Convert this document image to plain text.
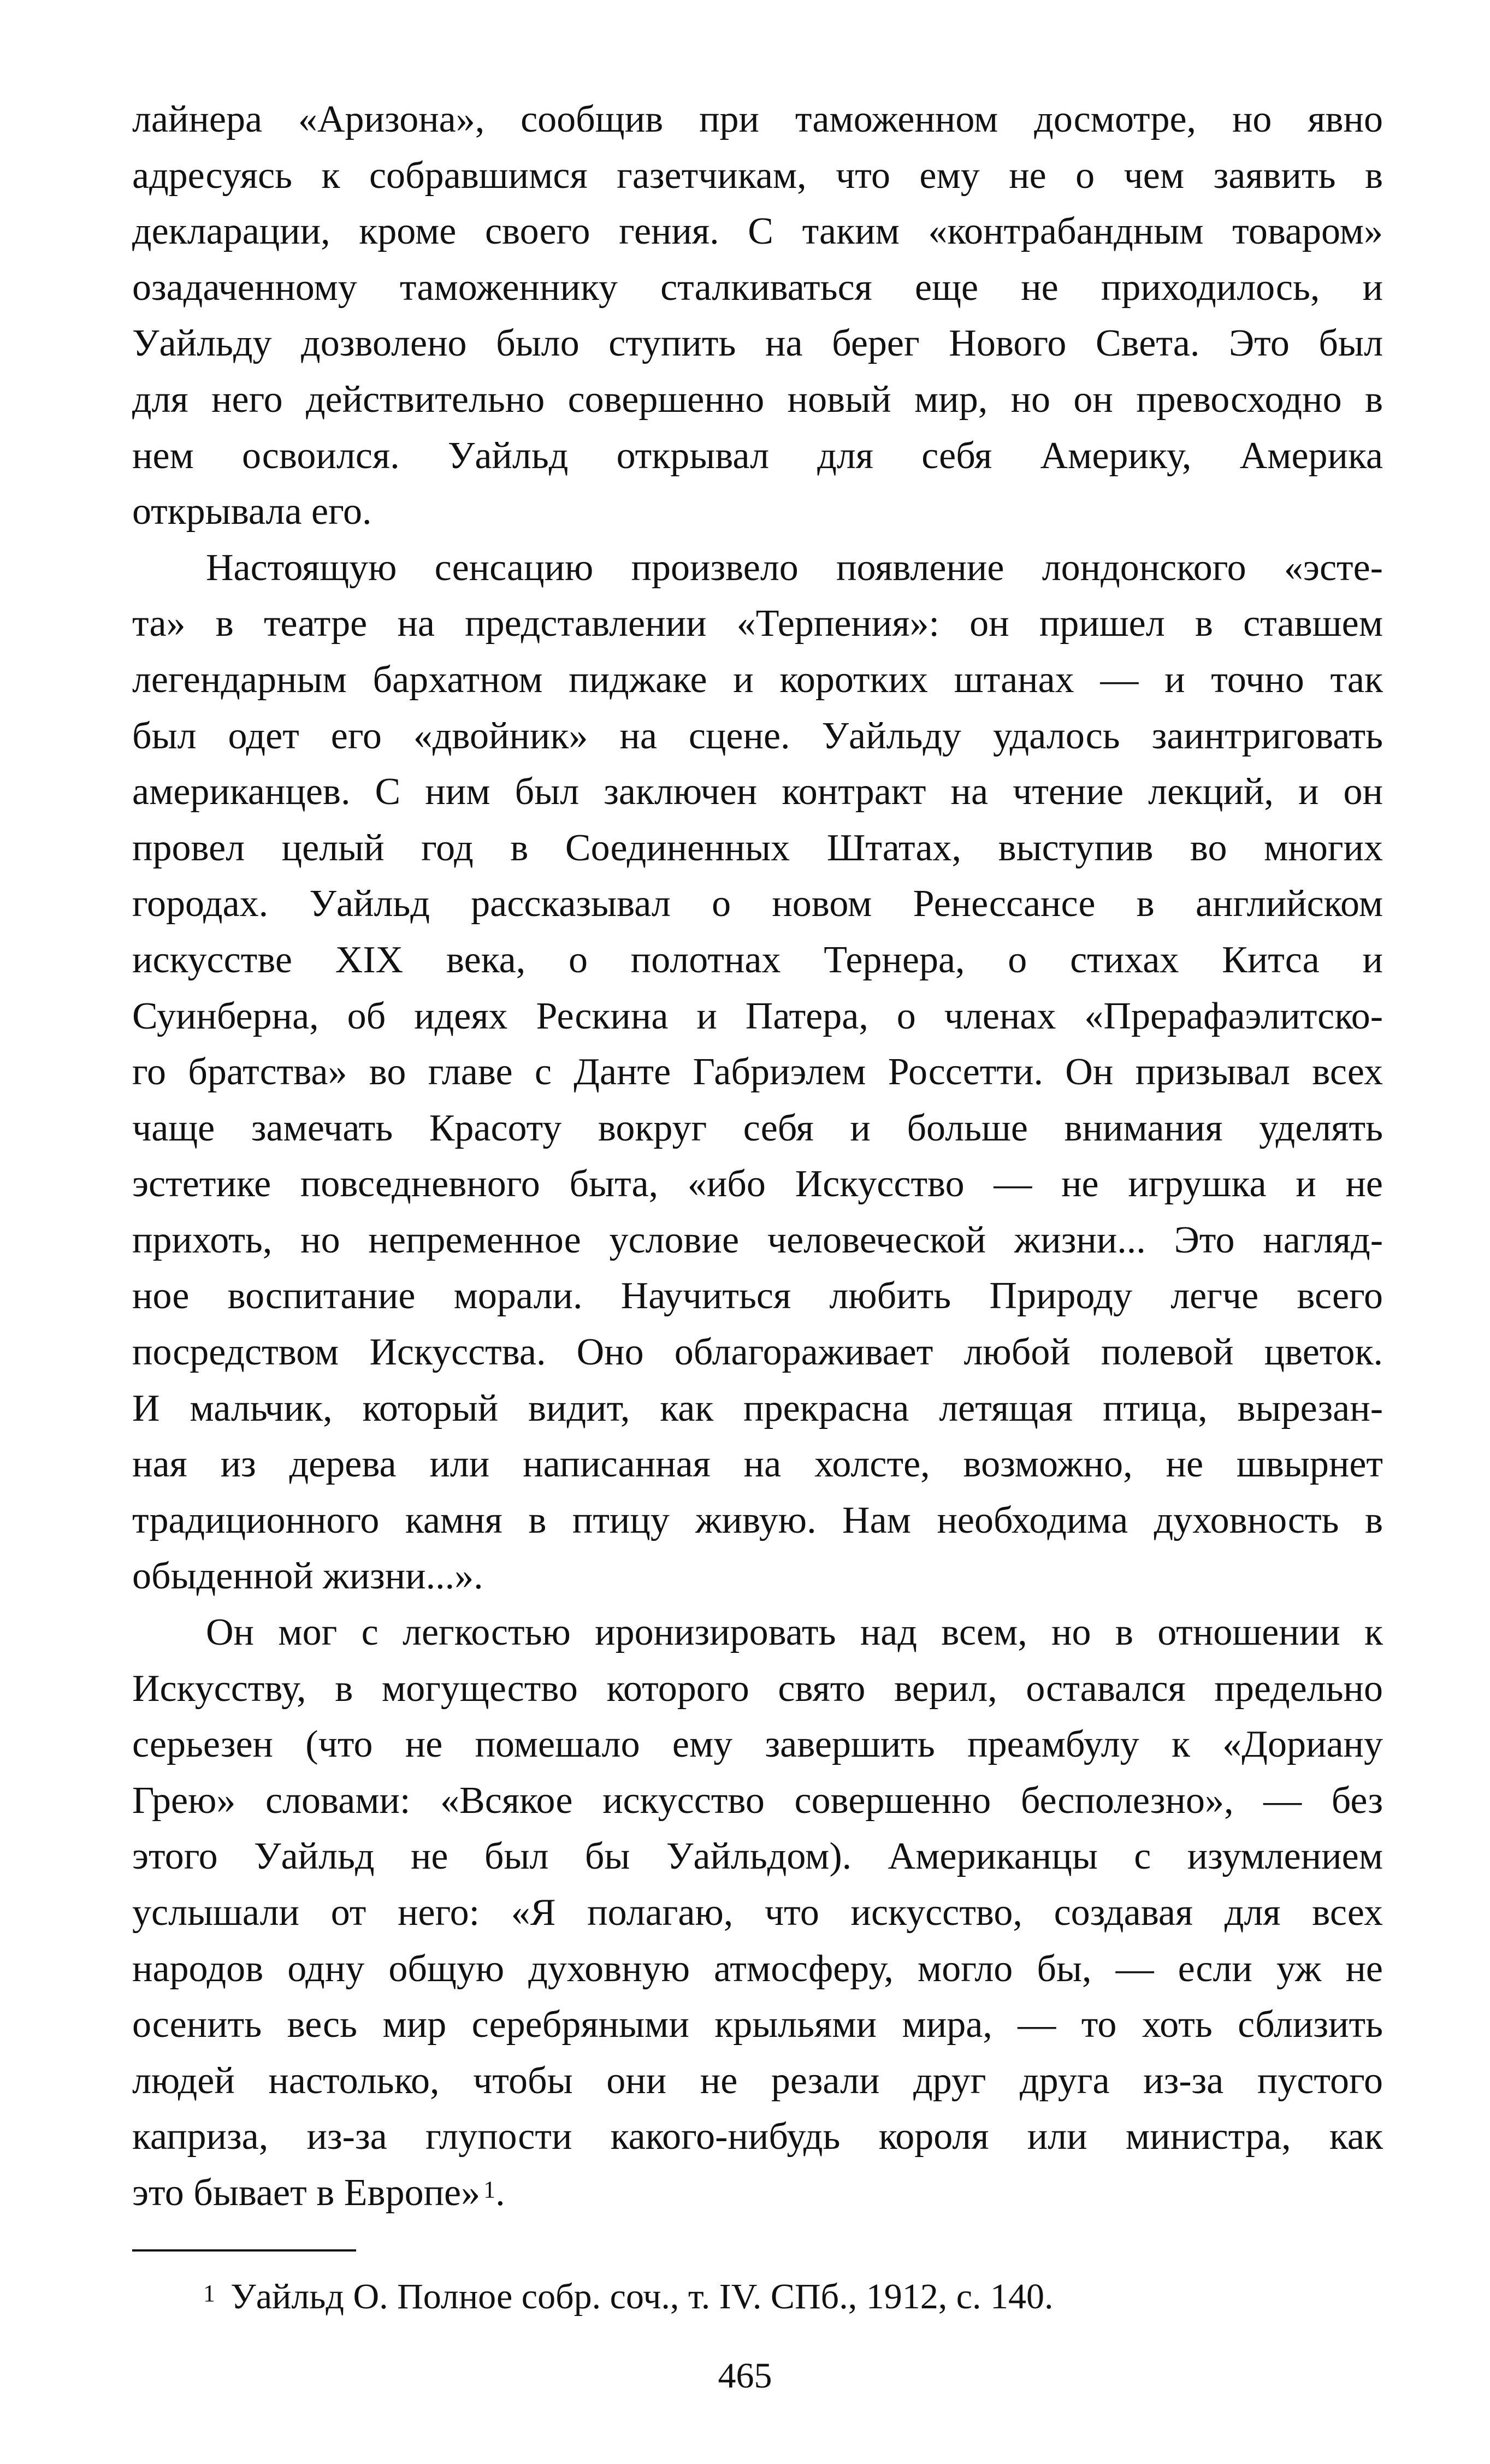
лайнера «Аризона», сообщив при таможенном досмотре, но явно
адресуясь к собравшимся газетчикам, что ему не о чем заявить в
декларации, кроме своего гения. С таким «контрабандным товаром»
озадаченному таможеннику сталкиваться еще не приходилось, и
Уайльду дозволено было ступить на берег Нового Света. Это был
для него действительно совершенно новый мир, но он превосходно в
нем освоился. Уайльд открывал для себя Америку, Америка
открывала его.
Настоящую сенсацию произвело появление лондонского «эсте-
та» в театре на представлении «Терпения»: он пришел в ставшем
легендарным бархатном пиджаке и коротких штанах — и точно так
был одет его «двойник» на сцене. Уайльду удалось заинтриговать
американцев. С ним был заключен контракт на чтение лекций, и он
провел целый год в Соединенных Штатах, выступив во многих
городах. Уайльд рассказывал о новом Ренессансе в английском
искусстве XIX века, о полотнах Тернера, о стихах Китса и
Суинберна, об идеях Рескина и Патера, о членах «Прерафаэлитско-
го братства» во главе с Данте Габриэлем Россетти. Он призывал всех
чаще замечать Красоту вокруг себя и больше внимания уделять
эстетике повседневного быта, «ибо Искусство — не игрушка и не
прихоть, но непременное условие человеческой жизни... Это нагляд-
ное воспитание морали. Научиться любить Природу легче всего
посредством Искусства. Оно облагораживает любой полевой цветок.
И мальчик, который видит, как прекрасна летящая птица, вырезан-
ная из дерева или написанная на холсте, возможно, не швырнет
традиционного камня в птицу живую. Нам необходима духовность в
обыденной жизни...».
Он мог с легкостью иронизировать над всем, но в отношении к
Искусству, в могущество которого свято верил, оставался предельно
серьезен (что не помешало ему завершить преамбулу к «Дориану
Грею» словами: «Всякое искусство совершенно бесполезно», — без
этого Уайльд не был бы Уайльдом). Американцы с изумлением
услышали от него: «Я полагаю, что искусство, создавая для всех
народов одну общую духовную атмосферу, могло бы, — если уж не
осенить весь мир серебряными крыльями мира, — то хоть сблизить
людей настолько, чтобы они не резали друг друга из-за пустого
каприза, из-за глупости какого-нибудь короля или министра, как
это бывает в Европе» $^1$.
$^1$ Уайльд О. Полное собр. соч., т. IV. СПб., 1912, с. 140.
465
